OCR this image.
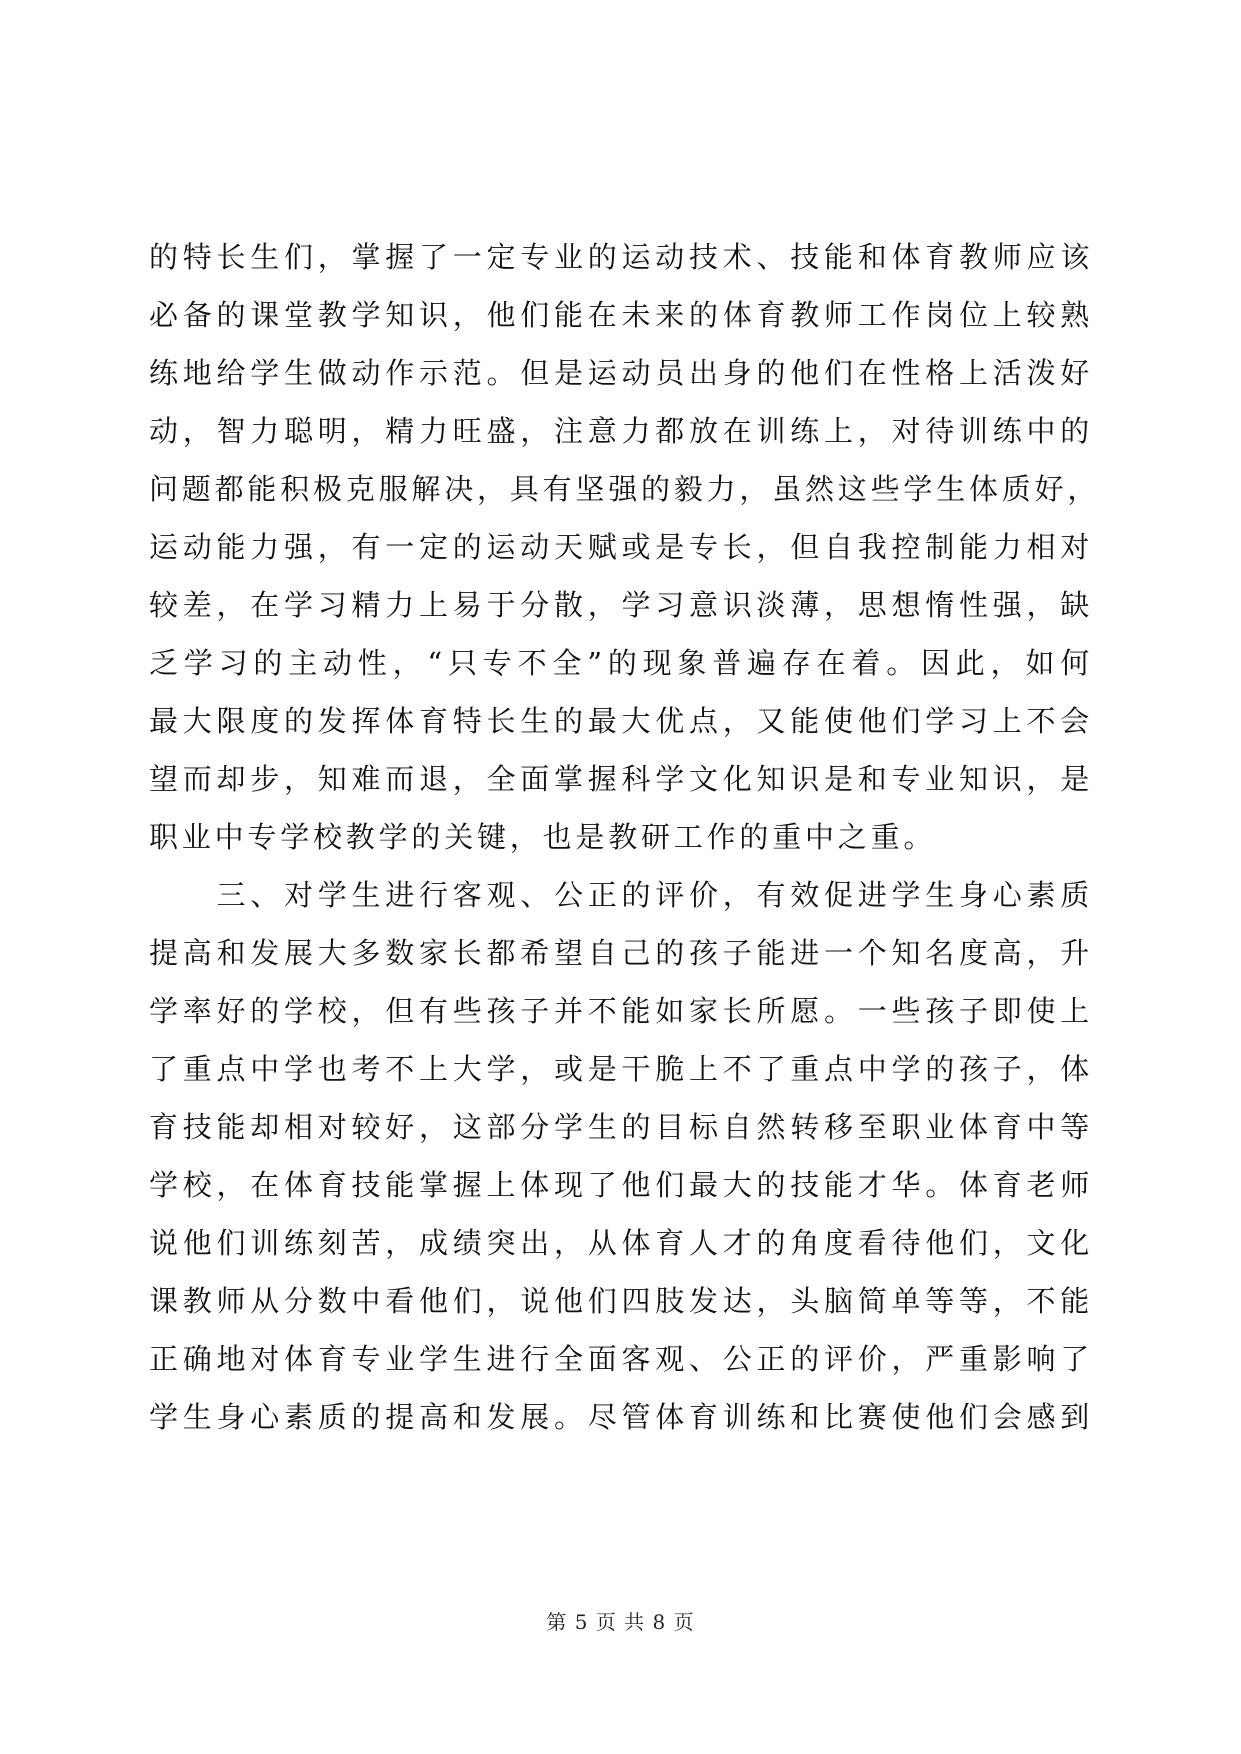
的特长生们，掌握了一定专业的运动技术、技能和体育教师应该
必备的课堂教学知识，他们能在未来的体育教师工作岗位上较熟
练地给学生做动作示范。但是运动员出身的他们在性格上活泼好
动，智力聪明，精力旺盛，注意力都放在训练上，对待训练中的
问题都能积极克服解决，具有坚强的毅力，虽然这些学生体质好，
运动能力强，有一定的运动天赋或是专长，但自我控制能力相对
较差，在学习精力上易于分散，学习意识淡薄，思想惰性强，缺
乏学习的主动性，“只专不全”的现象普遍存在着。因此，如何
最大限度的发挥体育特长生的最大优点，又能使他们学习上不会
望而却步，知难而退，全面掌握科学文化知识是和专业知识，是
职业中专学校教学的关键，也是教研工作的重中之重。
　　三、对学生进行客观、公正的评价，有效促进学生身心素质
提高和发展大多数家长都希望自己的孩子能进一个知名度高，升
学率好的学校，但有些孩子并不能如家长所愿。一些孩子即使上
了重点中学也考不上大学，或是干脆上不了重点中学的孩子，体
育技能却相对较好，这部分学生的目标自然转移至职业体育中等
学校，在体育技能掌握上体现了他们最大的技能才华。体育老师
说他们训练刻苦，成绩突出，从体育人才的角度看待他们，文化
课教师从分数中看他们，说他们四肢发达，头脑简单等等，不能
正确地对体育专业学生进行全面客观、公正的评价，严重影响了
学生身心素质的提高和发展。尽管体育训练和比赛使他们会感到
第 5 页 共 8 页
